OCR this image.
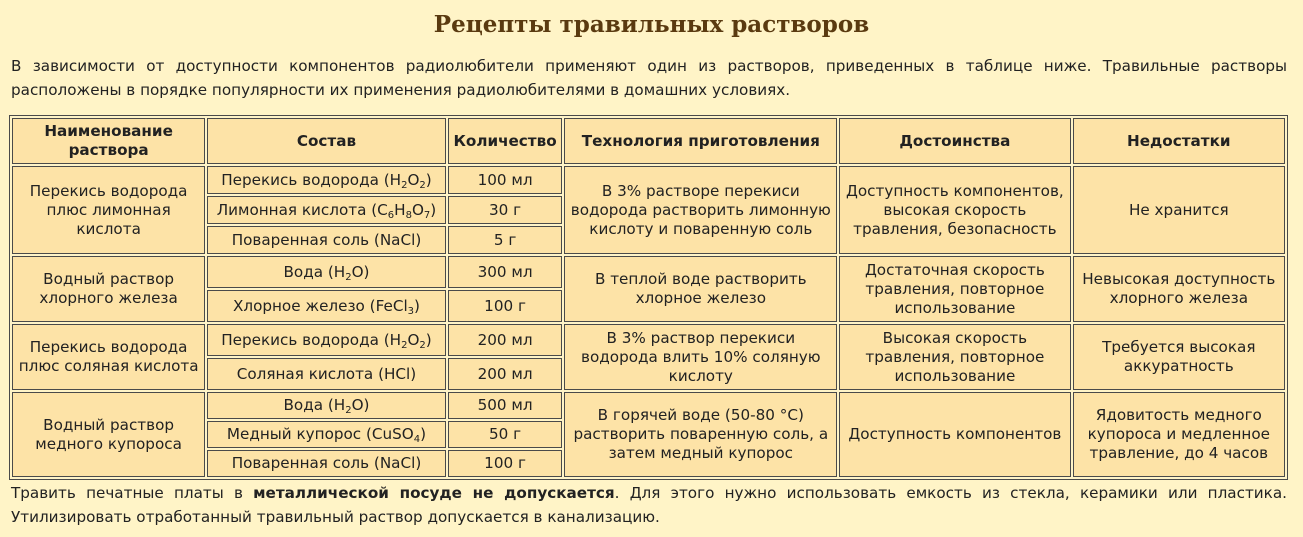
Рецепты травильных растворов
В зависимости от доступности компонентов радиолюбители применяют один из растворов, приведенных в таблице ниже. Травильные растворы расположены в порядке популярности их применения радиолюбителями в домашних условиях.
Наименование раствора	Состав	Количество	Технология приготовления	Достоинства	Недостатки
Перекись водорода плюс лимонная кислота	Перекись водорода $(H_2O_2)$	100 мл	В 3% растворе перекиси водорода растворить лимонную кислоту и поваренную соль	Доступность компонентов, высокая скорость травления, безопасность	Не хранится
	Лимонная кислота $(C_6H_8O_7)$	30 г			
	Поваренная соль (NaCl)	5 г			
Водный раствор хлорного железа	Вода $(H_2O)$	300 мл	В теплой воде растворить хлорное железо	Достаточная скорость травления, повторное использование	Невысокая доступность хлорного железа
	Хлорное железо (FeCl$_3$)	100 г			
Перекись водорода плюс соляная кислота	Перекись водорода $(H_2O_2)$	200 мл	В 3% раствор перекиси водорода влить 10% соляную кислоту	Высокая скорость травления, повторное использование	Требуется высокая аккуратность
	Соляная кислота (HCl)	200 мл			
Водный раствор медного купороса	Вода $(H_2O)$	500 мл	В горячей воде (50-80 °C) растворить поваренную соль, а затем медный купорос	Доступность компонентов	Ядовитость медного купороса и медленное травление, до 4 часов
	Медный купорос (CuSO$_4$)	50 г			
	Поваренная соль (NaCl)	100 г			
Травить печатные платы в металлической посуде не допускается. Для этого нужно использовать емкость из стекла, керамики или пластика. Утилизировать отработанный травильный раствор допускается в канализацию.
